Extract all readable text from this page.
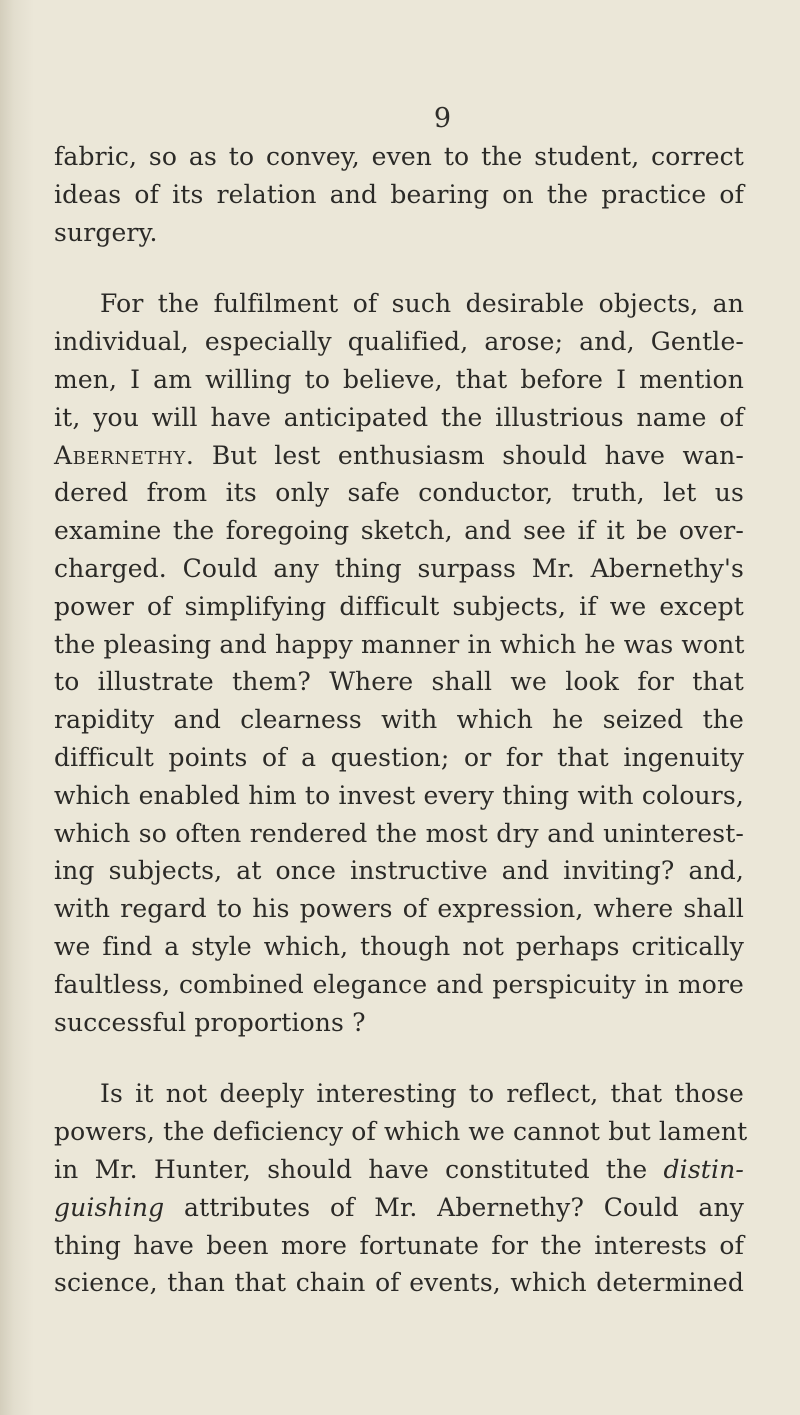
9
fabric, so as to convey, even to the student, correct
ideas of its relation and bearing on the practice of
surgery.
For the fulfilment of such desirable objects, an
individual, especially qualified, arose; and, Gentle-
men, I am willing to believe, that before I mention
it, you will have anticipated the illustrious name of
Abernethy. But lest enthusiasm should have wan-
dered from its only safe conductor, truth, let us
examine the foregoing sketch, and see if it be over-
charged. Could any thing surpass Mr. Abernethy's
power of simplifying difficult subjects, if we except
the pleasing and happy manner in which he was wont
to illustrate them? Where shall we look for that
rapidity and clearness with which he seized the
difficult points of a question; or for that ingenuity
which enabled him to invest every thing with colours,
which so often rendered the most dry and uninterest-
ing subjects, at once instructive and inviting? and,
with regard to his powers of expression, where shall
we find a style which, though not perhaps critically
faultless, combined elegance and perspicuity in more
successful proportions ?
Is it not deeply interesting to reflect, that those
powers, the deficiency of which we cannot but lament
in Mr. Hunter, should have constituted the distin-
guishing attributes of Mr. Abernethy? Could any
thing have been more fortunate for the interests of
science, than that chain of events, which determined
